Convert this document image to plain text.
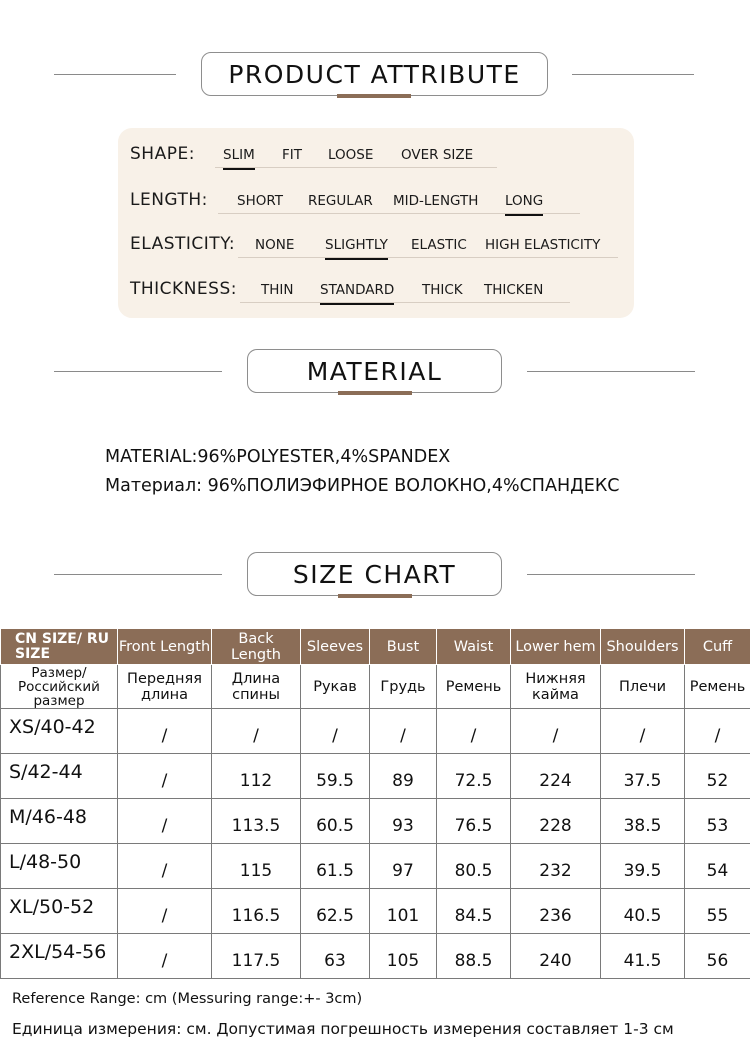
PRODUCT ATTRIBUTE
SHAPE: SLIM FIT LOOSE OVER SIZE
LENGTH: SHORT REGULAR MID-LENGTH LONG
ELASTICITY: NONE SLIGHTLY ELASTIC HIGH ELASTICITY
THICKNESS: THIN STANDARD THICK THICKEN
MATERIAL
MATERIAL:96%POLYESTER,4%SPANDEX
Материал: 96%ПОЛИЭФИРНОЕ ВОЛОКНО,4%СПАНДЕКС
SIZE CHART
CN SIZE/ RU SIZE	Front Length	Back Length	Sleeves	Bust	Waist	Lower hem	Shoulders	Cuff
Размер/ Российский размер	Передняя длина	Длина спины	Рукав	Грудь	Ремень	Нижняя кайма	Плечи	Ремень
XS/40-42	/	/	/	/	/	/	/	/
S/42-44	/	112	59.5	89	72.5	224	37.5	52
M/46-48	/	113.5	60.5	93	76.5	228	38.5	53
L/48-50	/	115	61.5	97	80.5	232	39.5	54
XL/50-52	/	116.5	62.5	101	84.5	236	40.5	55
2XL/54-56	/	117.5	63	105	88.5	240	41.5	56
Reference Range: cm (Messuring range:+- 3cm)
Единица измерения: см. Допустимая погрешность измерения составляет 1-3 см
